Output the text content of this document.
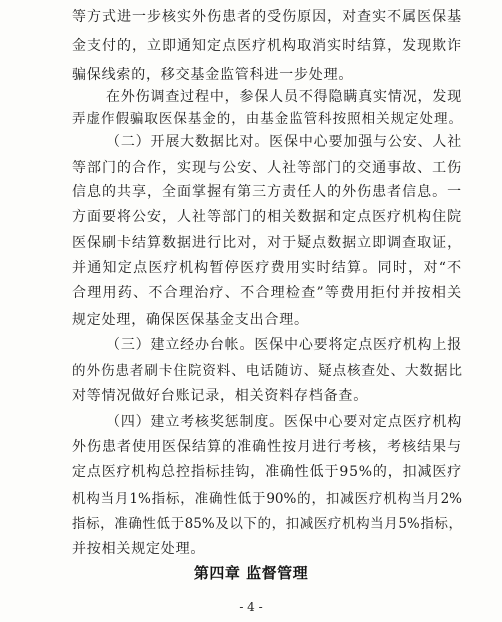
等方式进一步核实外伤患者的受伤原因，对查实不属医保基
金支付的，立即通知定点医疗机构取消实时结算，发现欺诈
骗保线索的，移交基金监管科进一步处理。
在外伤调查过程中，参保人员不得隐瞒真实情况，发现
弄虚作假骗取医保基金的，由基金监管科按照相关规定处理。
（二）开展大数据比对。医保中心要加强与公安、人社
等部门的合作，实现与公安、人社等部门的交通事故、工伤
信息的共享，全面掌握有第三方责任人的外伤患者信息。一
方面要将公安，人社等部门的相关数据和定点医疗机构住院
医保刷卡结算数据进行比对，对于疑点数据立即调查取证，
并通知定点医疗机构暂停医疗费用实时结算。同时，对“不
合理用药、不合理治疗、不合理检查”等费用拒付并按相关
规定处理，确保医保基金支出合理。
（三）建立经办台帐。医保中心要将定点医疗机构上报
的外伤患者刷卡住院资料、电话随访、疑点核查处、大数据比
对等情况做好台账记录，相关资料存档备查。
（四）建立考核奖惩制度。医保中心要对定点医疗机构
外伤患者使用医保结算的准确性按月进行考核，考核结果与
定点医疗机构总控指标挂钩，准确性低于95%的，扣减医疗
机构当月1%指标，准确性低于90%的，扣减医疗机构当月2%
指标，准确性低于85%及以下的，扣减医疗机构当月5%指标，
并按相关规定处理。
第四章 监督管理
- 4 -
